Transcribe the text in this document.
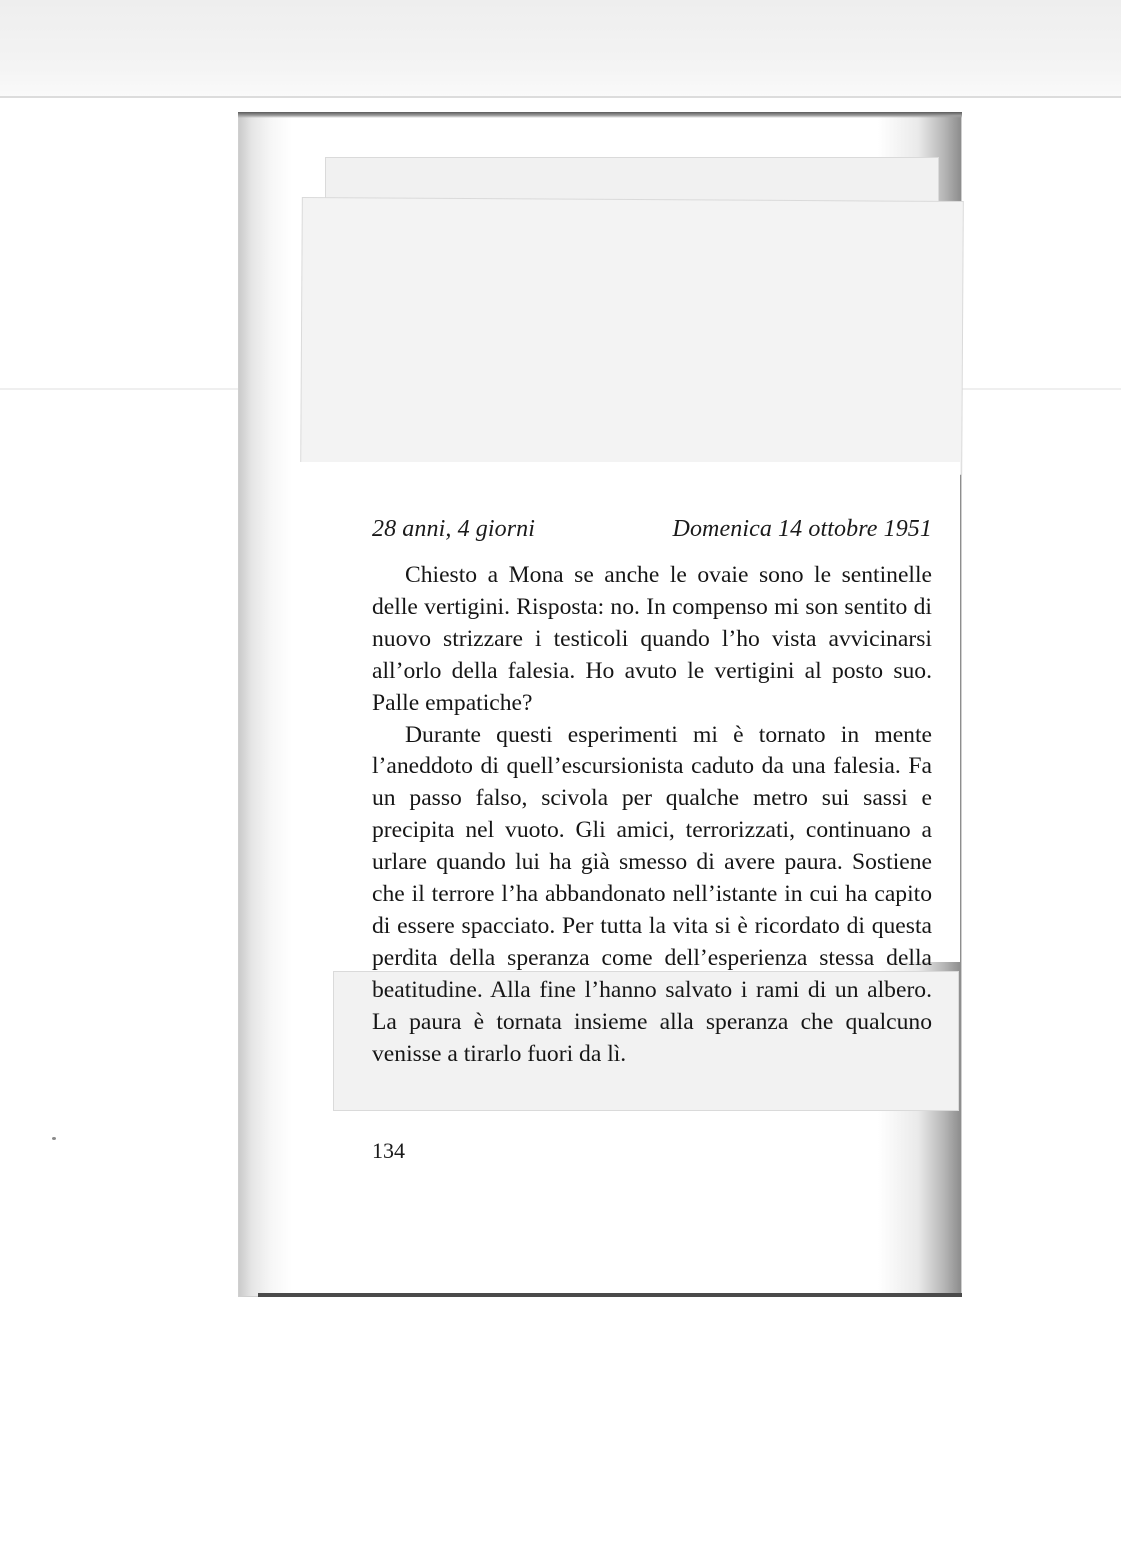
28 anni, 4 giorni	Domenica 14 ottobre 1951

Chiesto a Mona se anche le ovaie sono le sentinelle delle vertigini. Risposta: no. In compenso mi son sentito di nuovo strizzare i testicoli quando l’ho vista avvicinarsi all’orlo della falesia. Ho avuto le vertigini al posto suo. Palle empatiche?

Durante questi esperimenti mi è tornato in mente l’aneddoto di quell’escursionista caduto da una falesia. Fa un passo falso, scivola per qualche metro sui sassi e precipita nel vuoto. Gli amici, terrorizzati, continuano a urlare quando lui ha già smesso di avere paura. Sostiene che il terrore l’ha abbandonato nell’istante in cui ha capito di essere spacciato. Per tutta la vita si è ricordato di questa perdita della speranza come dell’esperienza stessa della beatitudine. Alla fine l’hanno salvato i rami di un albero. La paura è tornata insieme alla speranza che qualcuno venisse a tirarlo fuori da lì.

134
